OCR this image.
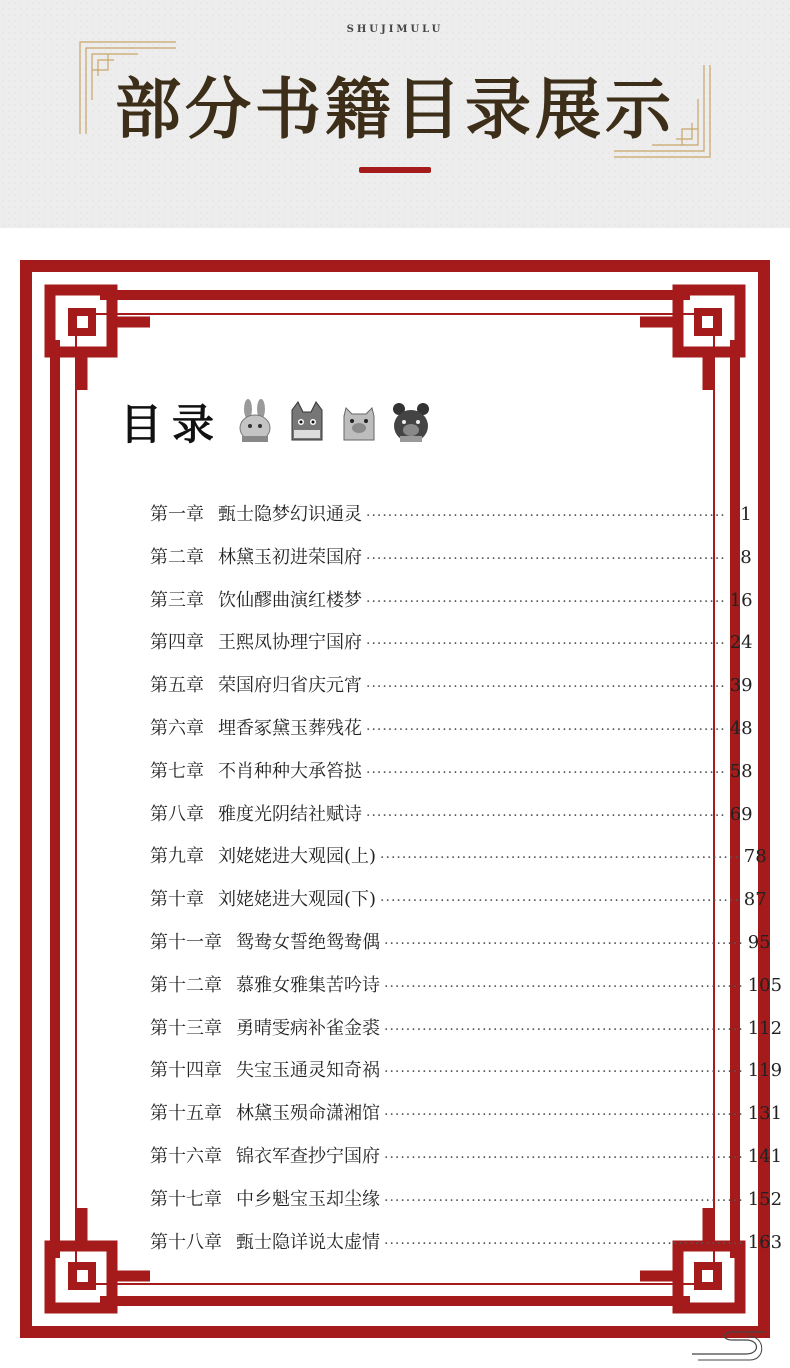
SHUJIMULU
部分书籍目录展示
目录
第一章 甄士隐梦幻识通灵 ·································································· 1
第二章 林黛玉初进荣国府 ·································································· 8
第三章 饮仙醪曲演红楼梦 ·································································· 16
第四章 王熙凤协理宁国府 ·································································· 24
第五章 荣国府归省庆元宵 ·································································· 39
第六章 埋香冢黛玉葬残花 ·································································· 48
第七章 不肖种种大承笞挞 ·································································· 58
第八章 雅度光阴结社赋诗 ·································································· 69
第九章 刘姥姥进大观园(上) ·································································· 78
第十章 刘姥姥进大观园(下) ·································································· 87
第十一章 鸳鸯女誓绝鸳鸯偶 ·································································· 95
第十二章 慕雅女雅集苦吟诗 ·································································· 105
第十三章 勇晴雯病补雀金裘 ·································································· 112
第十四章 失宝玉通灵知奇祸 ·································································· 119
第十五章 林黛玉殒命潇湘馆 ·································································· 131
第十六章 锦衣军查抄宁国府 ·································································· 141
第十七章 中乡魁宝玉却尘缘 ·································································· 152
第十八章 甄士隐详说太虚情 ·································································· 163
